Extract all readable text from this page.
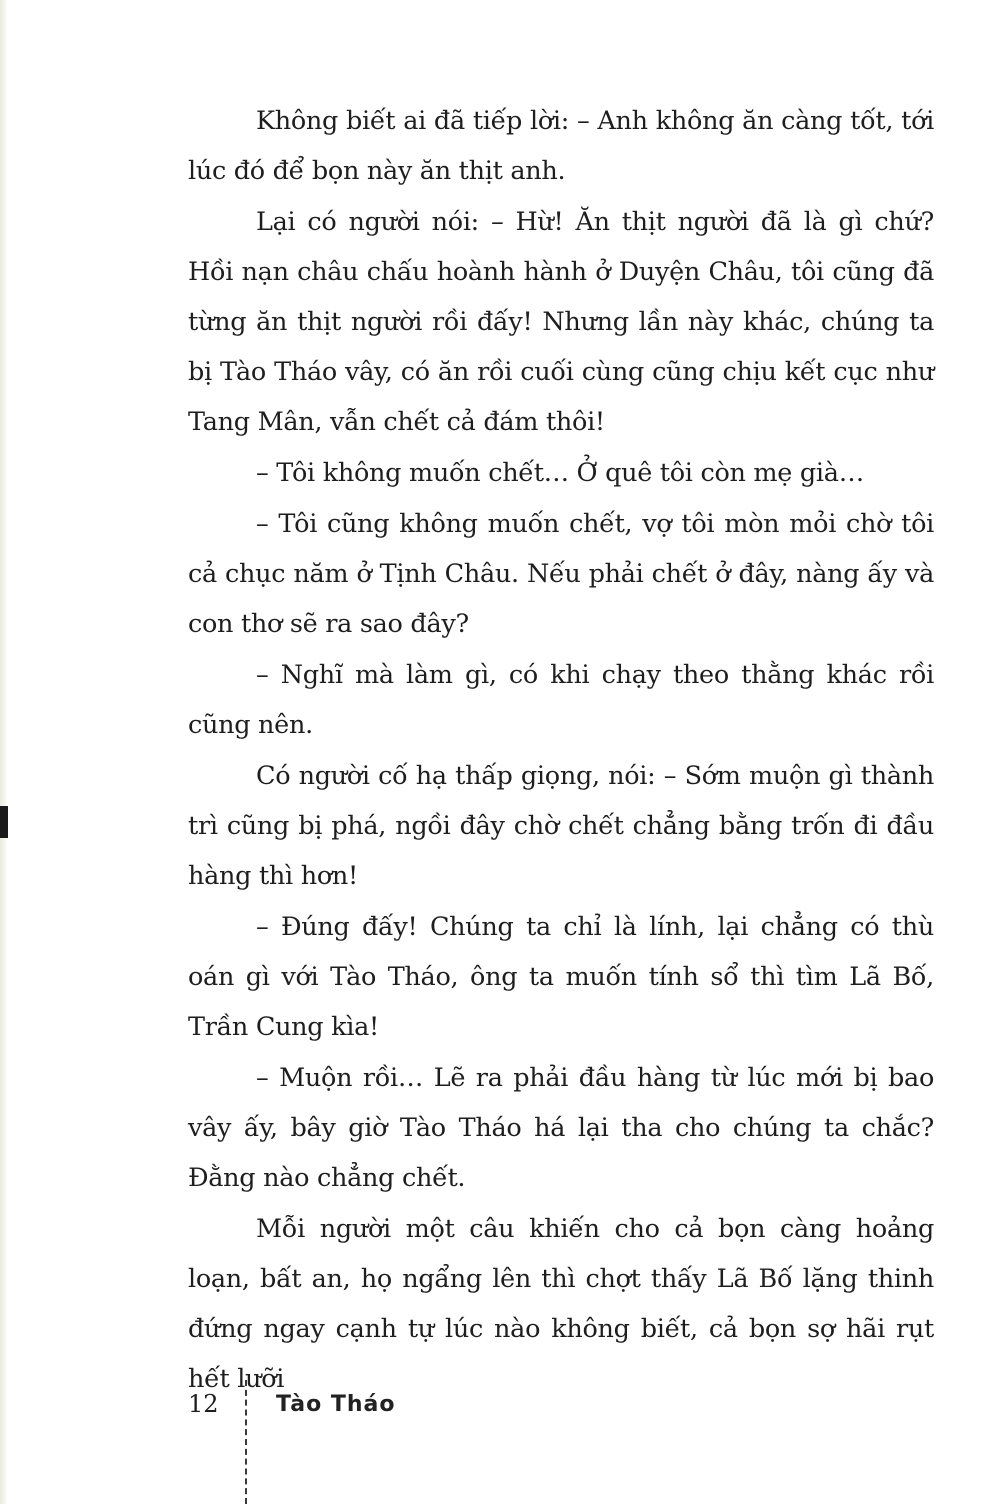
Không biết ai đã tiếp lời: – Anh không ăn càng tốt, tới lúc đó để bọn này ăn thịt anh.

Lại có người nói: – Hừ! Ăn thịt người đã là gì chứ? Hồi nạn châu chấu hoành hành ở Duyện Châu, tôi cũng đã từng ăn thịt người rồi đấy! Nhưng lần này khác, chúng ta bị Tào Tháo vây, có ăn rồi cuối cùng cũng chịu kết cục như Tang Mân, vẫn chết cả đám thôi!

– Tôi không muốn chết… Ở quê tôi còn mẹ già…

– Tôi cũng không muốn chết, vợ tôi mòn mỏi chờ tôi cả chục năm ở Tịnh Châu. Nếu phải chết ở đây, nàng ấy và con thơ sẽ ra sao đây?

– Nghĩ mà làm gì, có khi chạy theo thằng khác rồi cũng nên.

Có người cố hạ thấp giọng, nói: – Sớm muộn gì thành trì cũng bị phá, ngồi đây chờ chết chẳng bằng trốn đi đầu hàng thì hơn!

– Đúng đấy! Chúng ta chỉ là lính, lại chẳng có thù oán gì với Tào Tháo, ông ta muốn tính sổ thì tìm Lã Bố, Trần Cung kìa!

– Muộn rồi… Lẽ ra phải đầu hàng từ lúc mới bị bao vây ấy, bây giờ Tào Tháo há lại tha cho chúng ta chắc? Đằng nào chẳng chết.

Mỗi người một câu khiến cho cả bọn càng hoảng loạn, bất an, họ ngẩng lên thì chợt thấy Lã Bố lặng thinh đứng ngay cạnh tự lúc nào không biết, cả bọn sợ hãi rụt hết lưỡi

12	Tào Tháo
